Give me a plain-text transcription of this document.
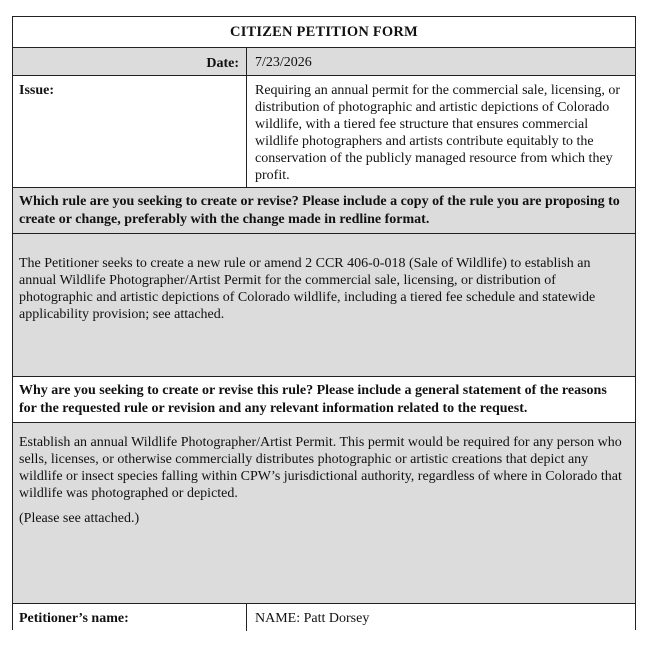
CITIZEN PETITION FORM
Date:	7/23/2026
Issue:	Requiring an annual permit for the commercial sale, licensing, or distribution of photographic and artistic depictions of Colorado wildlife, with a tiered fee structure that ensures commercial wildlife photographers and artists contribute equitably to the conservation of the publicly managed resource from which they profit.
Which rule are you seeking to create or revise? Please include a copy of the rule you are proposing to create or change, preferably with the change made in redline format.
The Petitioner seeks to create a new rule or amend 2 CCR 406-0-018 (Sale of Wildlife) to establish an annual Wildlife Photographer/Artist Permit for the commercial sale, licensing, or distribution of photographic and artistic depictions of Colorado wildlife, including a tiered fee schedule and statewide applicability provision; see attached.
Why are you seeking to create or revise this rule? Please include a general statement of the reasons for the requested rule or revision and any relevant information related to the request.

Establish an annual Wildlife Photographer/Artist Permit. This permit would be required for any person who sells, licenses, or otherwise commercially distributes photographic or artistic creations that depict any wildlife or insect species falling within CPW’s jurisdictional authority, regardless of where in Colorado that wildlife was photographed or depicted.

(Please see attached.)

Petitioner’s name:	NAME: Patt Dorsey
